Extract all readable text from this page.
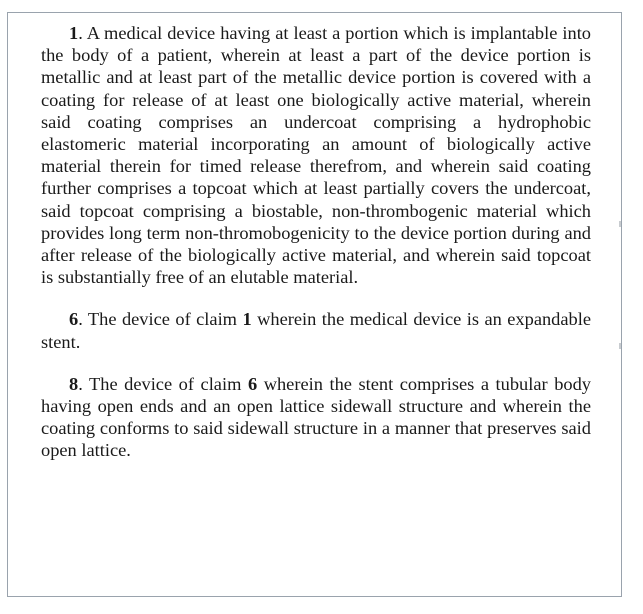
1. A medical device having at least a portion which is implantable into the body of a patient, wherein at least a part of the device portion is metallic and at least part of the metallic device portion is covered with a coating for release of at least one biologically active material, wherein said coating comprises an undercoat comprising a hydrophobic elastomeric material incorporating an amount of biologically active material therein for timed release therefrom, and wherein said coating further comprises a topcoat which at least partially covers the undercoat, said topcoat comprising a biostable, non-thrombogenic material which provides long term non-thromobogenicity to the device portion during and after release of the biologically active material, and wherein said topcoat is substantially free of an elutable material.

6. The device of claim 1 wherein the medical device is an expandable stent.

8. The device of claim 6 wherein the stent comprises a tubular body having open ends and an open lattice sidewall structure and wherein the coating conforms to said sidewall structure in a manner that preserves said open lattice.
